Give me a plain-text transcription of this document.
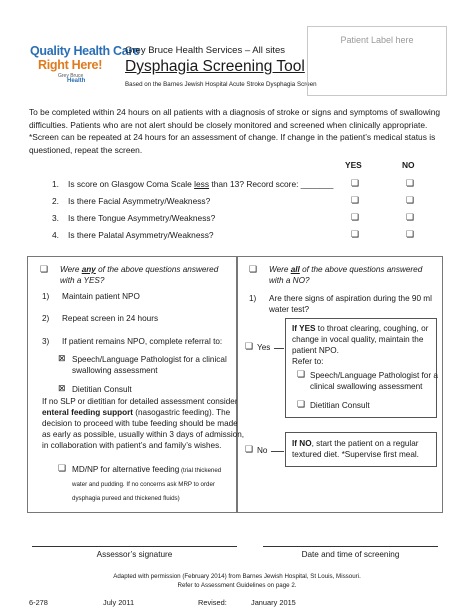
Quality Health Care
Right Here!
Grey Bruce
Health
Grey Bruce Health Services – All sites
Dysphagia Screening Tool
Based on the Barnes Jewish Hospital Acute Stroke Dysphagia Screen
Patient Label here
To be completed within 24 hours on all patients with a diagnosis of stroke or signs and symptoms of swallowing
difficulties. Patients who are not alert should be closely monitored and screened when clinically appropriate.
*Screen can be repeated at 24 hours for an assessment of change. If change in the patient’s medical status is
questioned, repeat the screen.
YES	NO
1. Is score on Glasgow Coma Scale less than 13? Record score: _______ ❏	❏
2. Is there Facial Asymmetry/Weakness?	❏	❏
3. Is there Tongue Asymmetry/Weakness?	❏	❏
4. Is there Palatal Asymmetry/Weakness?	❏	❏
❏ Were any of the above questions answered
with a YES?
1) Maintain patient NPO
2) Repeat screen in 24 hours
3) If patient remains NPO, complete referral to:
⊠ Speech/Language Pathologist for a clinical
swallowing assessment
⊠ Dietitian Consult
If no SLP or dietitian for detailed assessment consider
enteral feeding support (nasogastric feeding). The
decision to proceed with tube feeding should be made
as early as possible, usually within 3 days of admission,
in collaboration with patient’s and family’s wishes.
❏ MD/NP for alternative feeding (trial thickened
water and pudding. If no concerns ask MRP to order
dysphagia pureed and thickened fluids)
❏ Were all of the above questions answered
with a NO?
1) Are there signs of aspiration during the 90 ml
water test?
❏ Yes
If YES to throat clearing, coughing, or
change in vocal quality, maintain the
patient NPO.
Refer to:
❏ Speech/Language Pathologist for a
clinical swallowing assessment
❏ Dietitian Consult
❏ No
If NO, start the patient on a regular
textured diet. *Supervise first meal.
Assessor’s signature	Date and time of screening
Adapted with permission (February 2014) from Barnes Jewish Hospital, St Louis, Missouri.
Refer to Assessment Guidelines on page 2.
6-278	July 2011	Revised:	January 2015
